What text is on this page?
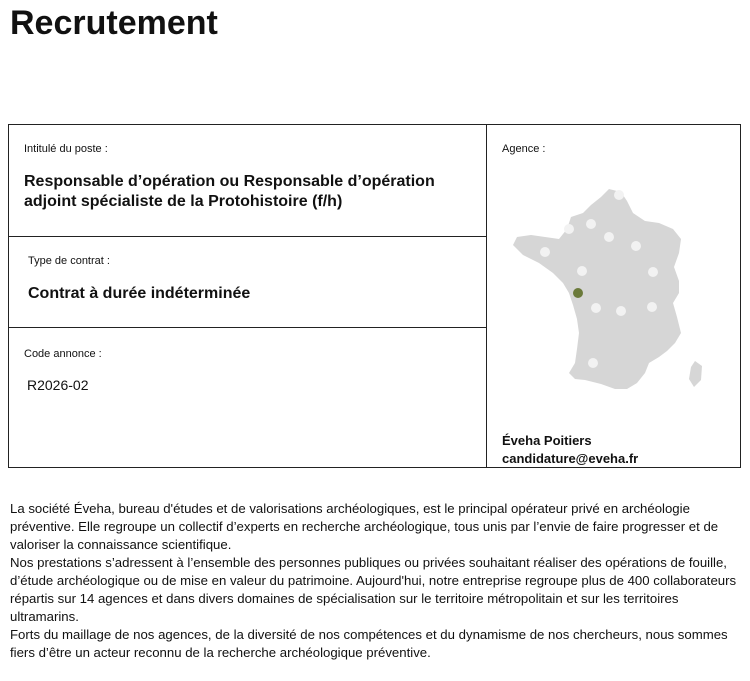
Recrutement
Intitulé du poste :
Responsable d’opération ou Responsable d’opération adjoint spécialiste de la Protohistoire (f/h)
Type de contrat :
Contrat à durée indéterminée
Code annonce :
R2026-02
Agence :
Éveha Poitiers
candidature@eveha.fr

La société Éveha, bureau d'études et de valorisations archéologiques, est le principal opérateur privé en archéologie préventive. Elle regroupe un collectif d’experts en recherche archéologique, tous unis par l’envie de faire progresser et de valoriser la connaissance scientifique.

Nos prestations s’adressent à l’ensemble des personnes publiques ou privées souhaitant réaliser des opérations de fouille, d’étude archéologique ou de mise en valeur du patrimoine. Aujourd'hui, notre entreprise regroupe plus de 400 collaborateurs répartis sur 14 agences et dans divers domaines de spécialisation sur le territoire métropolitain et sur les territoires ultramarins.

Forts du maillage de nos agences, de la diversité de nos compétences et du dynamisme de nos chercheurs, nous sommes fiers d’être un acteur reconnu de la recherche archéologique préventive.
